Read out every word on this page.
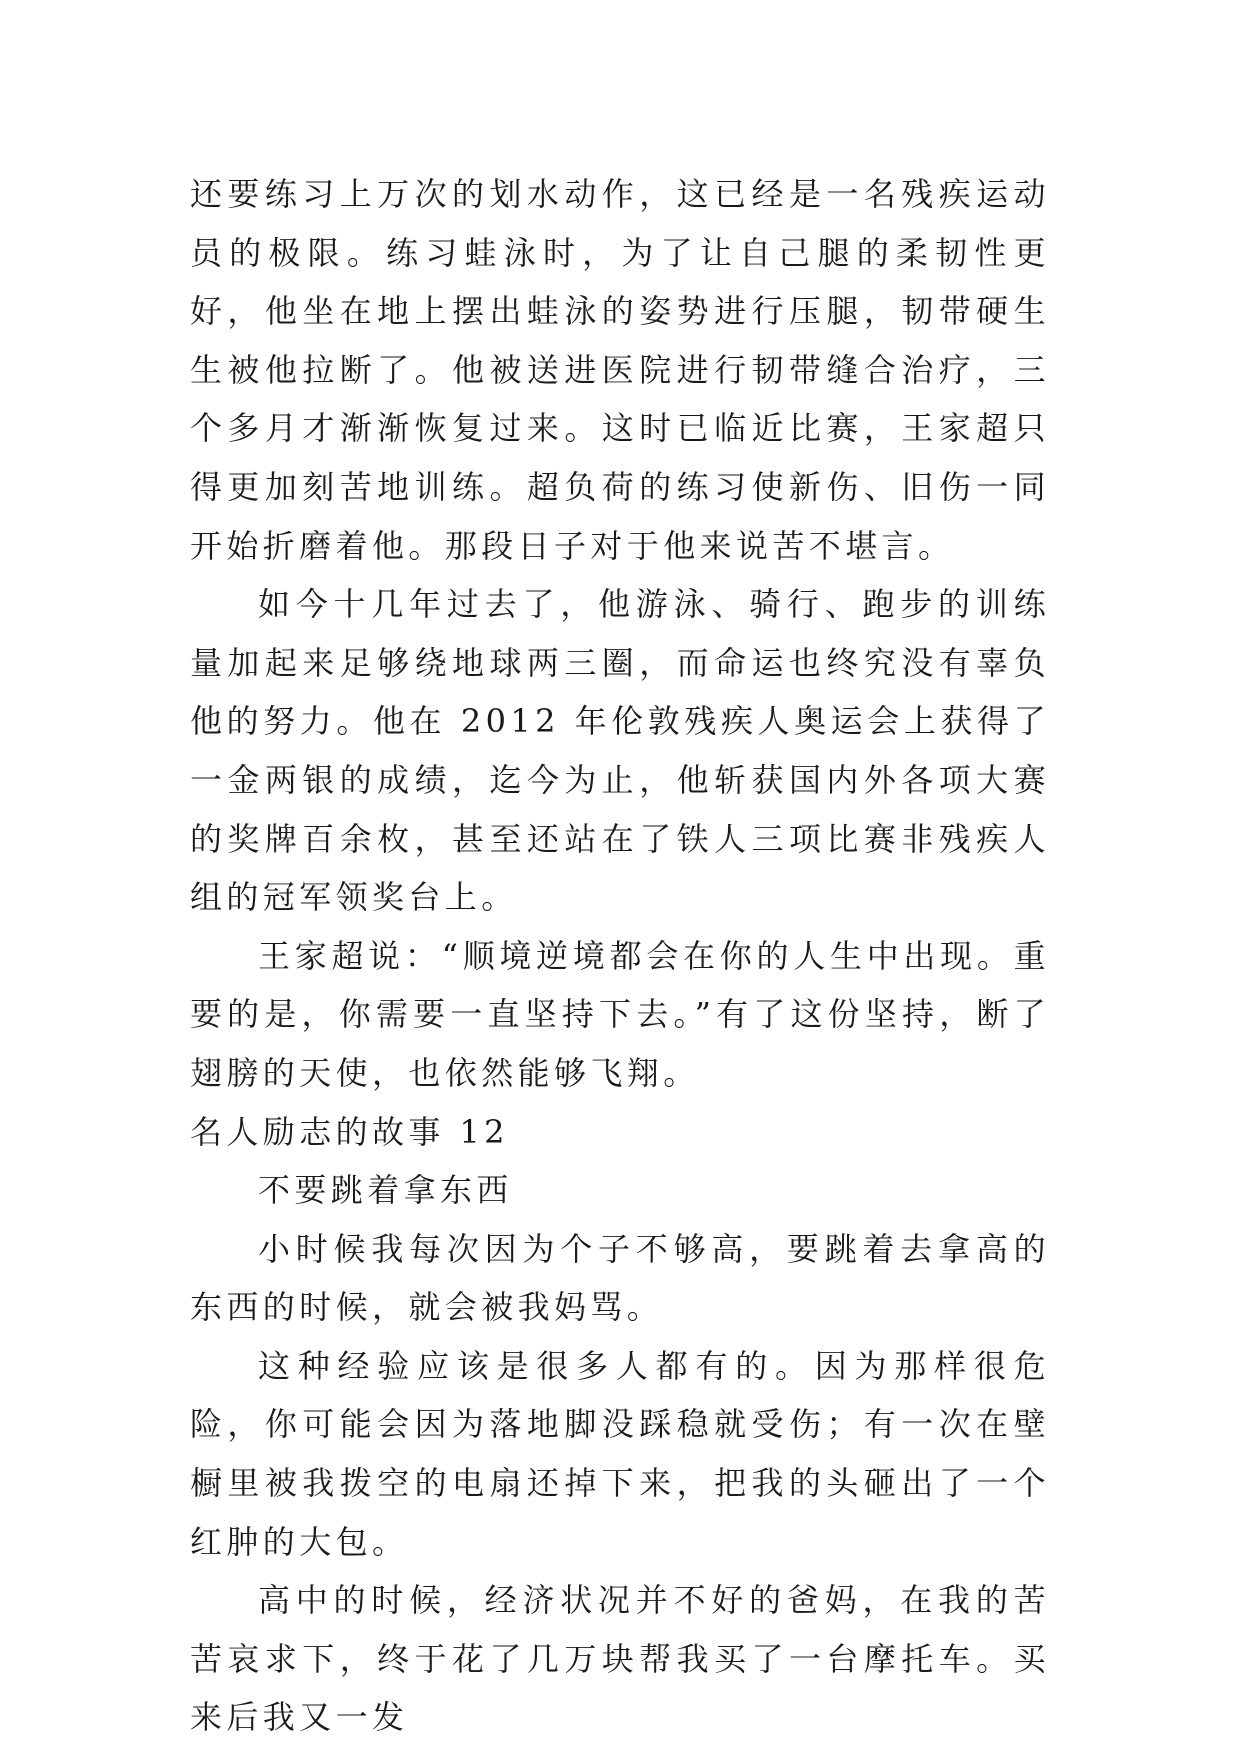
还要练习上万次的划水动作，这已经是一名残疾运动员的极限。练习蛙泳时，为了让自己腿的柔韧性更好，他坐在地上摆出蛙泳的姿势进行压腿，韧带硬生生被他拉断了。他被送进医院进行韧带缝合治疗，三个多月才渐渐恢复过来。这时已临近比赛，王家超只得更加刻苦地训练。超负荷的练习使新伤、旧伤一同开始折磨着他。那段日子对于他来说苦不堪言。

如今十几年过去了，他游泳、骑行、跑步的训练量加起来足够绕地球两三圈，而命运也终究没有辜负他的努力。他在 2012 年伦敦残疾人奥运会上获得了一金两银的成绩，迄今为止，他斩获国内外各项大赛的奖牌百余枚，甚至还站在了铁人三项比赛非残疾人组的冠军领奖台上。

王家超说：“顺境逆境都会在你的人生中出现。重要的是，你需要一直坚持下去。”有了这份坚持，断了翅膀的天使，也依然能够飞翔。

名人励志的故事 12

不要跳着拿东西

小时候我每次因为个子不够高，要跳着去拿高的东西的时候，就会被我妈骂。

这种经验应该是很多人都有的。因为那样很危险，你可能会因为落地脚没踩稳就受伤；有一次在壁橱里被我拨空的电扇还掉下来，把我的头砸出了一个红肿的大包。

高中的时候，经济状况并不好的爸妈，在我的苦苦哀求下，终于花了几万块帮我买了一台摩托车。买来后我又一发
